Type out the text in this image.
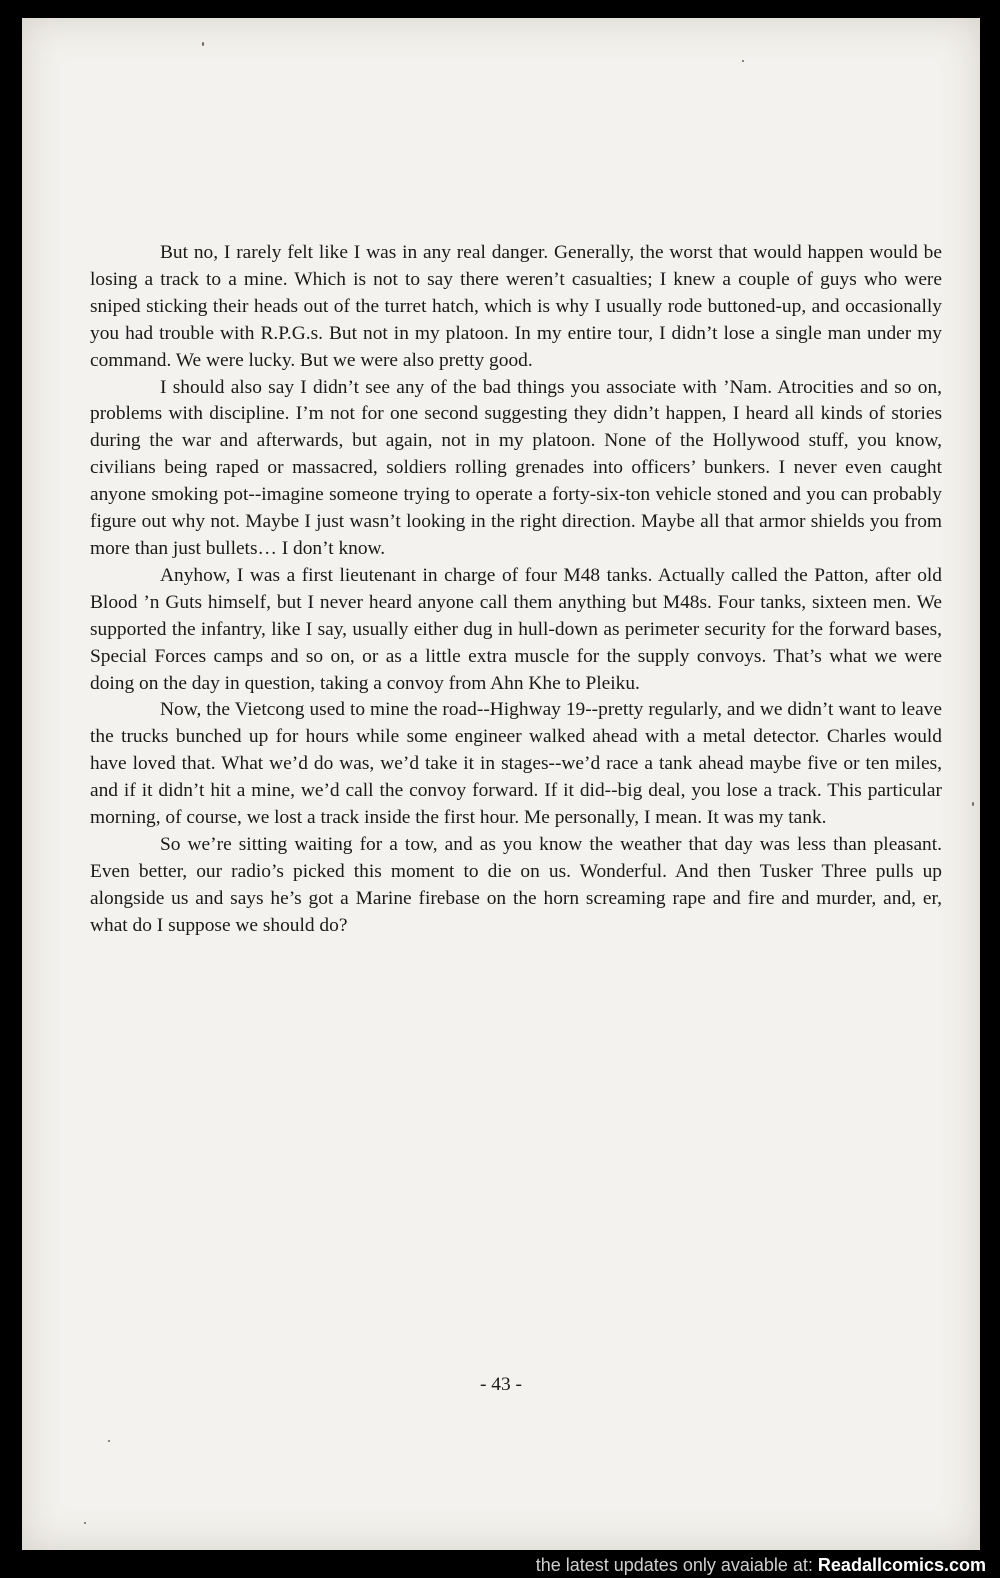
But no, I rarely felt like I was in any real danger. Generally, the worst that would happen would be losing a track to a mine. Which is not to say there weren’t casualties; I knew a couple of guys who were sniped sticking their heads out of the turret hatch, which is why I usually rode buttoned-up, and occasionally you had trouble with R.P.G.s. But not in my platoon. In my entire tour, I didn’t lose a single man under my command. We were lucky. But we were also pretty good.

I should also say I didn’t see any of the bad things you associate with ’Nam. Atrocities and so on, problems with discipline. I’m not for one second suggesting they didn’t happen, I heard all kinds of stories during the war and afterwards, but again, not in my platoon. None of the Hollywood stuff, you know, civilians being raped or massacred, soldiers rolling grenades into officers’ bunkers. I never even caught anyone smoking pot--imagine someone trying to operate a forty-six-ton vehicle stoned and you can probably figure out why not. Maybe I just wasn’t looking in the right direction. Maybe all that armor shields you from more than just bullets… I don’t know.

Anyhow, I was a first lieutenant in charge of four M48 tanks. Actually called the Patton, after old Blood ’n Guts himself, but I never heard anyone call them anything but M48s. Four tanks, sixteen men. We supported the infantry, like I say, usually either dug in hull-down as perimeter security for the forward bases, Special Forces camps and so on, or as a little extra muscle for the supply convoys. That’s what we were doing on the day in question, taking a convoy from Ahn Khe to Pleiku.

Now, the Vietcong used to mine the road--Highway 19--pretty regularly, and we didn’t want to leave the trucks bunched up for hours while some engineer walked ahead with a metal detector. Charles would have loved that. What we’d do was, we’d take it in stages--we’d race a tank ahead maybe five or ten miles, and if it didn’t hit a mine, we’d call the convoy forward. If it did--big deal, you lose a track. This particular morning, of course, we lost a track inside the first hour. Me personally, I mean. It was my tank.

So we’re sitting waiting for a tow, and as you know the weather that day was less than pleasant. Even better, our radio’s picked this moment to die on us. Wonderful. And then Tusker Three pulls up alongside us and says he’s got a Marine firebase on the horn screaming rape and fire and murder, and, er, what do I suppose we should do?

- 43 -
the latest updates only avaiable at: Readallcomics.com
